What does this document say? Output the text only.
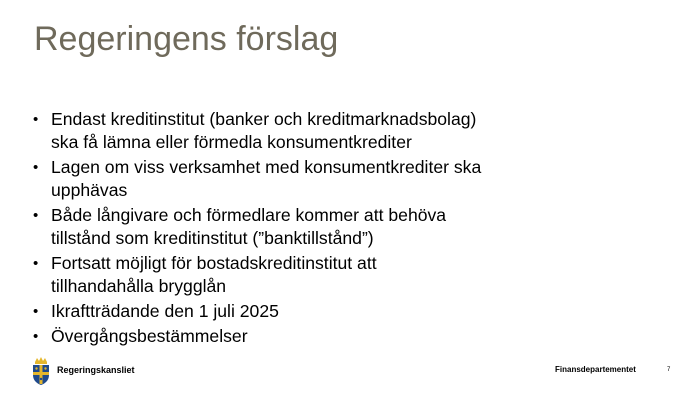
Regeringens förslag
• Endast kreditinstitut (banker och kreditmarknadsbolag)
ska få lämna eller förmedla konsumentkrediter
• Lagen om viss verksamhet med konsumentkrediter ska
upphävas
• Både långivare och förmedlare kommer att behöva
tillstånd som kreditinstitut (”banktillstånd”)
• Fortsatt möjligt för bostadskreditinstitut att
tillhandahålla brygglån
• Ikraftträdande den 1 juli 2025
• Övergångsbestämmelser
Regeringskansliet	Finansdepartementet	7
